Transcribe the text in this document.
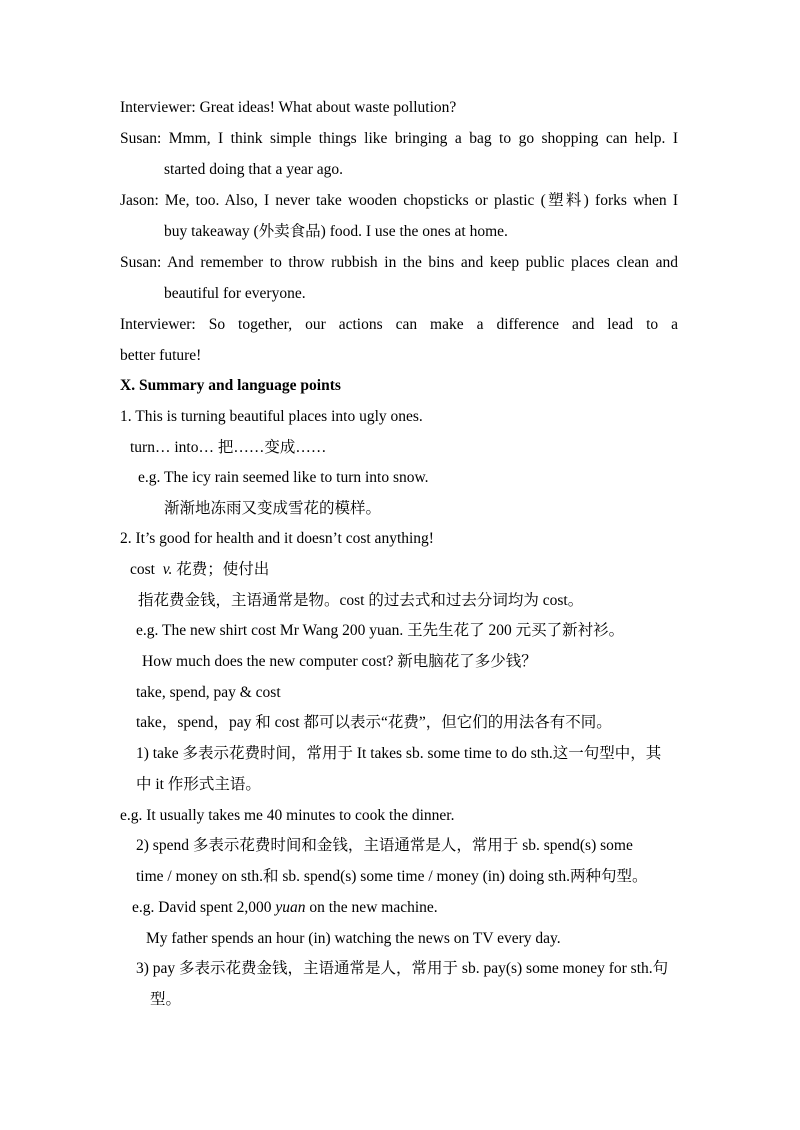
Interviewer: Great ideas! What about waste pollution?
Susan: Mmm, I think simple things like bringing a bag to go shopping can help. I
started doing that a year ago.
Jason: Me, too. Also, I never take wooden chopsticks or plastic (塑料) forks when I
buy takeaway (外卖食品) food. I use the ones at home.
Susan: And remember to throw rubbish in the bins and keep public places clean and
beautiful for everyone.
Interviewer: So together, our actions can make a difference and lead to a
better future!
X. Summary and language points
1. This is turning beautiful places into ugly ones.
turn… into… 把……变成……
e.g. The icy rain seemed like to turn into snow.
渐渐地冻雨又变成雪花的模样。
2. It’s good for health and it doesn’t cost anything!
cost v. 花费；使付出
指花费金钱，主语通常是物。cost 的过去式和过去分词均为 cost。
e.g. The new shirt cost Mr Wang 200 yuan. 王先生花了 200 元买了新衬衫。
How much does the new computer cost? 新电脑花了多少钱？
take, spend, pay & cost
take，spend，pay 和 cost 都可以表示“花费”，但它们的用法各有不同。
1) take 多表示花费时间，常用于 It takes sb. some time to do sth.这一句型中，其
中 it 作形式主语。
e.g. It usually takes me 40 minutes to cook the dinner.
2) spend 多表示花费时间和金钱，主语通常是人，常用于 sb. spend(s) some
time / money on sth.和 sb. spend(s) some time / money (in) doing sth.两种句型。
e.g. David spent 2,000 yuan on the new machine.
My father spends an hour (in) watching the news on TV every day.
3) pay 多表示花费金钱，主语通常是人，常用于 sb. pay(s) some money for sth.句
型。
